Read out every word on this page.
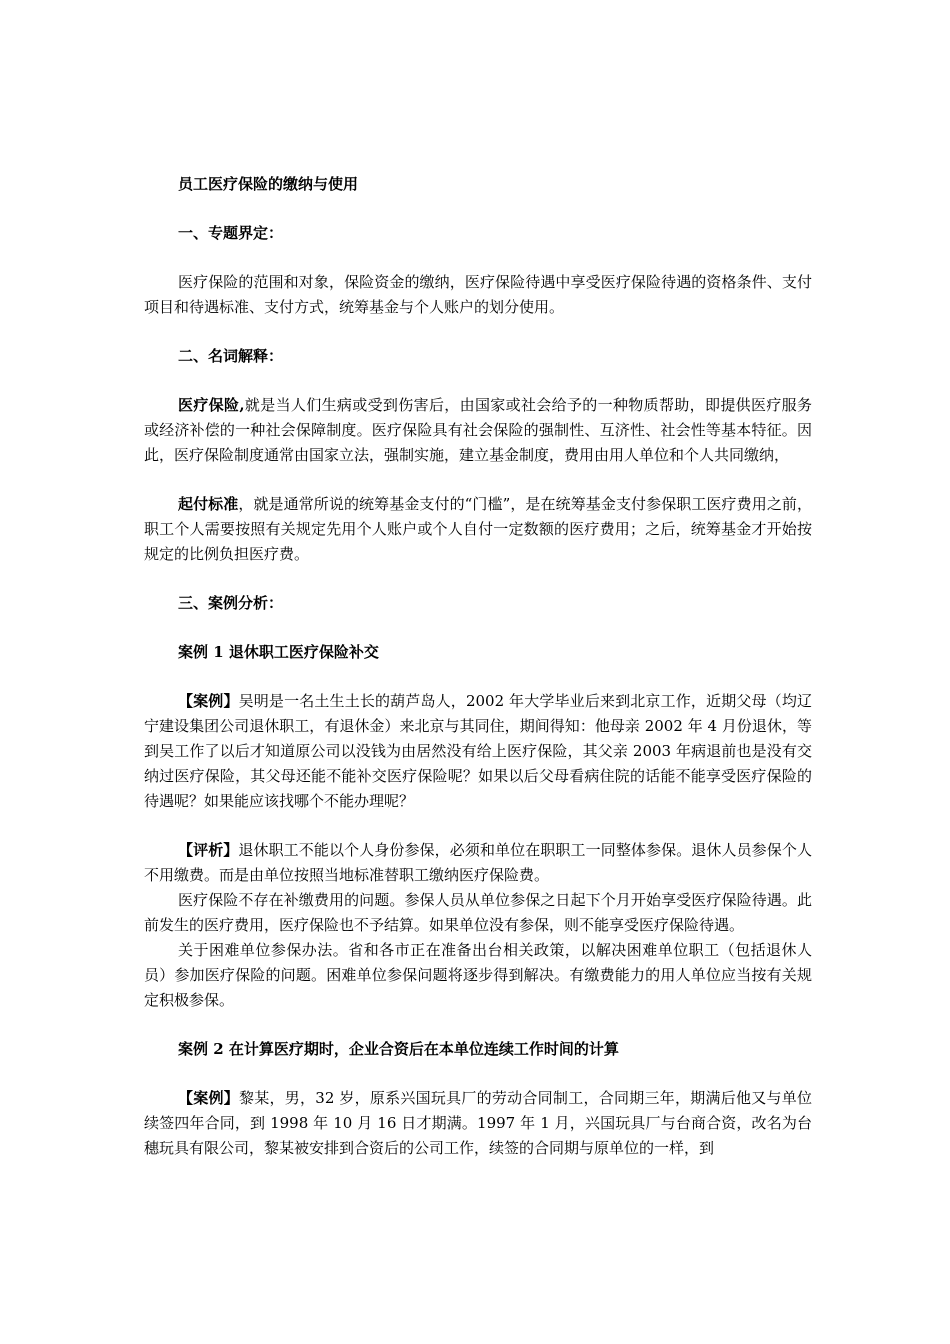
员工医疗保险的缴纳与使用

一、专题界定：

医疗保险的范围和对象，保险资金的缴纳，医疗保险待遇中享受医疗保险待遇的资格条件、支付项目和待遇标准、支付方式，统筹基金与个人账户的划分使用。

二、名词解释：

医疗保险,就是当人们生病或受到伤害后，由国家或社会给予的一种物质帮助，即提供医疗服务或经济补偿的一种社会保障制度。医疗保险具有社会保险的强制性、互济性、社会性等基本特征。因此，医疗保险制度通常由国家立法，强制实施，建立基金制度，费用由用人单位和个人共同缴纳，

起付标准，就是通常所说的统筹基金支付的“门槛”，是在统筹基金支付参保职工医疗费用之前，职工个人需要按照有关规定先用个人账户或个人自付一定数额的医疗费用；之后，统筹基金才开始按规定的比例负担医疗费。

三、案例分析：

案例 1 退休职工医疗保险补交

【案例】吴明是一名土生土长的葫芦岛人，2002 年大学毕业后来到北京工作，近期父母（均辽宁建设集团公司退休职工，有退休金）来北京与其同住，期间得知：他母亲 2002 年 4 月份退休，等到吴工作了以后才知道原公司以没钱为由居然没有给上医疗保险，其父亲 2003 年病退前也是没有交纳过医疗保险，其父母还能不能补交医疗保险呢？如果以后父母看病住院的话能不能享受医疗保险的待遇呢？如果能应该找哪个不能办理呢？

【评析】退休职工不能以个人身份参保，必须和单位在职职工一同整体参保。退休人员参保个人不用缴费。而是由单位按照当地标准替职工缴纳医疗保险费。

医疗保险不存在补缴费用的问题。参保人员从单位参保之日起下个月开始享受医疗保险待遇。此前发生的医疗费用，医疗保险也不予结算。如果单位没有参保，则不能享受医疗保险待遇。

关于困难单位参保办法。省和各市正在准备出台相关政策，以解决困难单位职工（包括退休人员）参加医疗保险的问题。困难单位参保问题将逐步得到解决。有缴费能力的用人单位应当按有关规定积极参保。

案例 2 在计算医疗期时，企业合资后在本单位连续工作时间的计算

【案例】黎某，男，32 岁，原系兴国玩具厂的劳动合同制工，合同期三年，期满后他又与单位续签四年合同，到 1998 年 10 月 16 日才期满。1997 年 1 月，兴国玩具厂与台商合资，改名为台穗玩具有限公司，黎某被安排到合资后的公司工作，续签的合同期与原单位的一样，到
